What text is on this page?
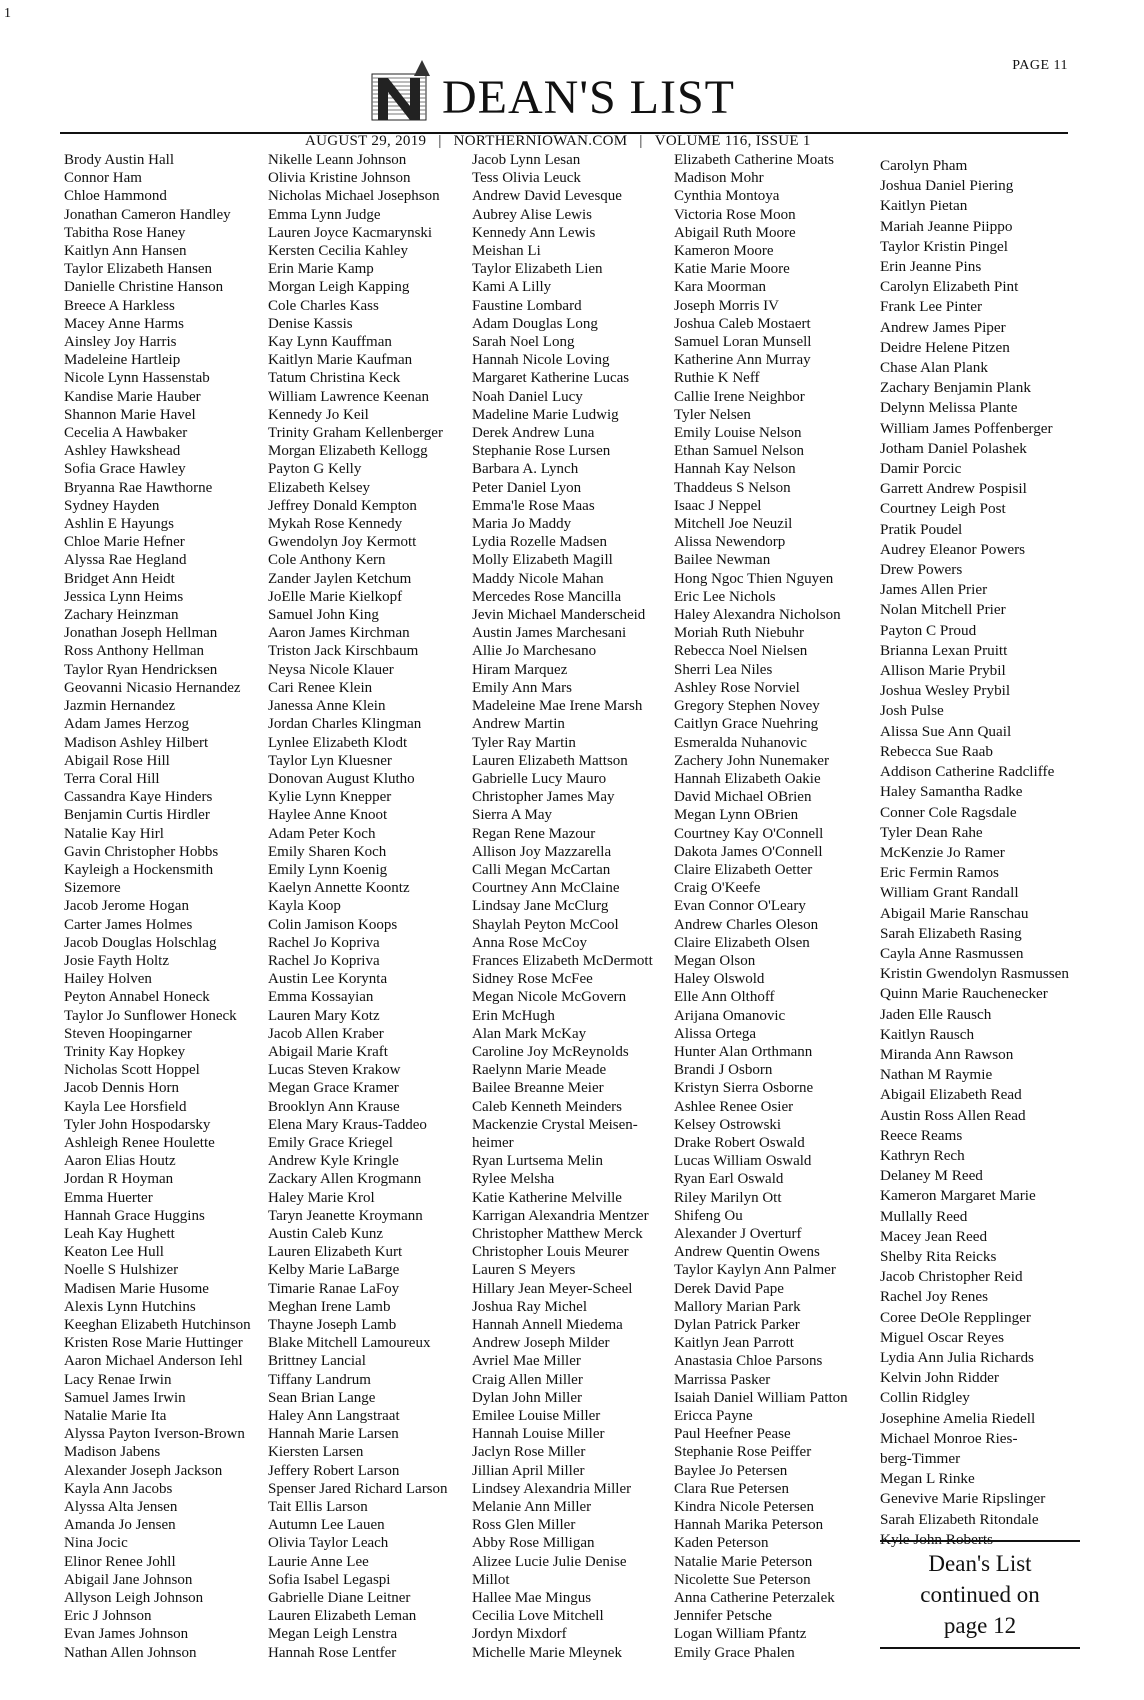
1
PAGE 11
DEAN'S LIST
AUGUST 29, 2019 | NORTHERNIOWAN.COM | VOLUME 116, ISSUE 1
Brody Austin Hall
Connor Ham
Chloe Hammond
Jonathan Cameron Handley
Tabitha Rose Haney
Kaitlyn Ann Hansen
Taylor Elizabeth Hansen
Danielle Christine Hanson
Breece A Harkless
Macey Anne Harms
Ainsley Joy Harris
Madeleine Hartleip
Nicole Lynn Hassenstab
Kandise Marie Hauber
Shannon Marie Havel
Cecelia A Hawbaker
Ashley Hawkshead
Sofia Grace Hawley
Bryanna Rae Hawthorne
Sydney Hayden
Ashlin E Hayungs
Chloe Marie Hefner
Alyssa Rae Hegland
Bridget Ann Heidt
Jessica Lynn Heims
Zachary Heinzman
Jonathan Joseph Hellman
Ross Anthony Hellman
Taylor Ryan Hendricksen
Geovanni Nicasio Hernandez
Jazmin Hernandez
Adam James Herzog
Madison Ashley Hilbert
Abigail Rose Hill
Terra Coral Hill
Cassandra Kaye Hinders
Benjamin Curtis Hirdler
Natalie Kay Hirl
Gavin Christopher Hobbs
Kayleigh a Hockensmith
Sizemore
Jacob Jerome Hogan
Carter James Holmes
Jacob Douglas Holschlag
Josie Fayth Holtz
Hailey Holven
Peyton Annabel Honeck
Taylor Jo Sunflower Honeck
Steven Hoopingarner
Trinity Kay Hopkey
Nicholas Scott Hoppel
Jacob Dennis Horn
Kayla Lee Horsfield
Tyler John Hospodarsky
Ashleigh Renee Houlette
Aaron Elias Houtz
Jordan R Hoyman
Emma Huerter
Hannah Grace Huggins
Leah Kay Hughett
Keaton Lee Hull
Noelle S Hulshizer
Madisen Marie Husome
Alexis Lynn Hutchins
Keeghan Elizabeth Hutchinson
Kristen Rose Marie Huttinger
Aaron Michael Anderson Iehl
Lacy Renae Irwin
Samuel James Irwin
Natalie Marie Ita
Alyssa Payton Iverson-Brown
Madison Jabens
Alexander Joseph Jackson
Kayla Ann Jacobs
Alyssa Alta Jensen
Amanda Jo Jensen
Nina Jocic
Elinor Renee Johll
Abigail Jane Johnson
Allyson Leigh Johnson
Eric J Johnson
Evan James Johnson
Nathan Allen Johnson
Nikelle Leann Johnson
Olivia Kristine Johnson
Nicholas Michael Josephson
Emma Lynn Judge
Lauren Joyce Kacmarynski
Kersten Cecilia Kahley
Erin Marie Kamp
Morgan Leigh Kapping
Cole Charles Kass
Denise Kassis
Kay Lynn Kauffman
Kaitlyn Marie Kaufman
Tatum Christina Keck
William Lawrence Keenan
Kennedy Jo Keil
Trinity Graham Kellenberger
Morgan Elizabeth Kellogg
Payton G Kelly
Elizabeth Kelsey
Jeffrey Donald Kempton
Mykah Rose Kennedy
Gwendolyn Joy Kermott
Cole Anthony Kern
Zander Jaylen Ketchum
JoElle Marie Kielkopf
Samuel John King
Aaron James Kirchman
Triston Jack Kirschbaum
Neysa Nicole Klauer
Cari Renee Klein
Janessa Anne Klein
Jordan Charles Klingman
Lynlee Elizabeth Klodt
Taylor Lyn Kluesner
Donovan August Klutho
Kylie Lynn Knepper
Haylee Anne Knoot
Adam Peter Koch
Emily Sharen Koch
Emily Lynn Koenig
Kaelyn Annette Koontz
Kayla Koop
Colin Jamison Koops
Rachel Jo Kopriva
Rachel Jo Kopriva
Austin Lee Korynta
Emma Kossayian
Lauren Mary Kotz
Jacob Allen Kraber
Abigail Marie Kraft
Lucas Steven Krakow
Megan Grace Kramer
Brooklyn Ann Krause
Elena Mary Kraus-Taddeo
Emily Grace Kriegel
Andrew Kyle Kringle
Zackary Allen Krogmann
Haley Marie Krol
Taryn Jeanette Kroymann
Austin Caleb Kunz
Lauren Elizabeth Kurt
Kelby Marie LaBarge
Timarie Ranae LaFoy
Meghan Irene Lamb
Thayne Joseph Lamb
Blake Mitchell Lamoureux
Brittney Lancial
Tiffany Landrum
Sean Brian Lange
Haley Ann Langstraat
Hannah Marie Larsen
Kiersten Larsen
Jeffery Robert Larson
Spenser Jared Richard Larson
Tait Ellis Larson
Autumn Lee Lauen
Olivia Taylor Leach
Laurie Anne Lee
Sofia Isabel Legaspi
Gabrielle Diane Leitner
Lauren Elizabeth Leman
Megan Leigh Lenstra
Hannah Rose Lentfer
Jacob Lynn Lesan
Tess Olivia Leuck
Andrew David Levesque
Aubrey Alise Lewis
Kennedy Ann Lewis
Meishan Li
Taylor Elizabeth Lien
Kami A Lilly
Faustine Lombard
Adam Douglas Long
Sarah Noel Long
Hannah Nicole Loving
Margaret Katherine Lucas
Noah Daniel Lucy
Madeline Marie Ludwig
Derek Andrew Luna
Stephanie Rose Lursen
Barbara A. Lynch
Peter Daniel Lyon
Emma'le Rose Maas
Maria Jo Maddy
Lydia Rozelle Madsen
Molly Elizabeth Magill
Maddy Nicole Mahan
Mercedes Rose Mancilla
Jevin Michael Manderscheid
Austin James Marchesani
Allie Jo Marchesano
Hiram Marquez
Emily Ann Mars
Madeleine Mae Irene Marsh
Andrew Martin
Tyler Ray Martin
Lauren Elizabeth Mattson
Gabrielle Lucy Mauro
Christopher James May
Sierra A May
Regan Rene Mazour
Allison Joy Mazzarella
Calli Megan McCartan
Courtney Ann McClaine
Lindsay Jane McClurg
Shaylah Peyton McCool
Anna Rose McCoy
Frances Elizabeth McDermott
Sidney Rose McFee
Megan Nicole McGovern
Erin McHugh
Alan Mark McKay
Caroline Joy McReynolds
Raelynn Marie Meade
Bailee Breanne Meier
Caleb Kenneth Meinders
Mackenzie Crystal Meisen-
heimer
Ryan Lurtsema Melin
Rylee Melsha
Katie Katherine Melville
Karrigan Alexandria Mentzer
Christopher Matthew Merck
Christopher Louis Meurer
Lauren S Meyers
Hillary Jean Meyer-Scheel
Joshua Ray Michel
Hannah Annell Miedema
Andrew Joseph Milder
Avriel Mae Miller
Craig Allen Miller
Dylan John Miller
Emilee Louise Miller
Hannah Louise Miller
Jaclyn Rose Miller
Jillian April Miller
Lindsey Alexandria Miller
Melanie Ann Miller
Ross Glen Miller
Abby Rose Milligan
Alizee Lucie Julie Denise
Millot
Hallee Mae Mingus
Cecilia Love Mitchell
Jordyn Mixdorf
Michelle Marie Mleynek
Elizabeth Catherine Moats
Madison Mohr
Cynthia Montoya
Victoria Rose Moon
Abigail Ruth Moore
Kameron Moore
Katie Marie Moore
Kara Moorman
Joseph Morris IV
Joshua Caleb Mostaert
Samuel Loran Munsell
Katherine Ann Murray
Ruthie K Neff
Callie Irene Neighbor
Tyler Nelsen
Emily Louise Nelson
Ethan Samuel Nelson
Hannah Kay Nelson
Thaddeus S Nelson
Isaac J Neppel
Mitchell Joe Neuzil
Alissa Newendorp
Bailee Newman
Hong Ngoc Thien Nguyen
Eric Lee Nichols
Haley Alexandra Nicholson
Moriah Ruth Niebuhr
Rebecca Noel Nielsen
Sherri Lea Niles
Ashley Rose Norviel
Gregory Stephen Novey
Caitlyn Grace Nuehring
Esmeralda Nuhanovic
Zachery John Nunemaker
Hannah Elizabeth Oakie
David Michael OBrien
Megan Lynn OBrien
Courtney Kay O'Connell
Dakota James O'Connell
Claire Elizabeth Oetter
Craig O'Keefe
Evan Connor O'Leary
Andrew Charles Oleson
Claire Elizabeth Olsen
Megan Olson
Haley Olswold
Elle Ann Olthoff
Arijana Omanovic
Alissa Ortega
Hunter Alan Orthmann
Brandi J Osborn
Kristyn Sierra Osborne
Ashlee Renee Osier
Kelsey Ostrowski
Drake Robert Oswald
Lucas William Oswald
Ryan Earl Oswald
Riley Marilyn Ott
Shifeng Ou
Alexander J Overturf
Andrew Quentin Owens
Taylor Kaylyn Ann Palmer
Derek David Pape
Mallory Marian Park
Dylan Patrick Parker
Kaitlyn Jean Parrott
Anastasia Chloe Parsons
Marrissa Pasker
Isaiah Daniel William Patton
Ericca Payne
Paul Heefner Pease
Stephanie Rose Peiffer
Baylee Jo Petersen
Clara Rue Petersen
Kindra Nicole Petersen
Hannah Marika Peterson
Kaden Peterson
Natalie Marie Peterson
Nicolette Sue Peterson
Anna Catherine Peterzalek
Jennifer Petsche
Logan William Pfantz
Emily Grace Phalen
Carolyn Pham
Joshua Daniel Piering
Kaitlyn Pietan
Mariah Jeanne Piippo
Taylor Kristin Pingel
Erin Jeanne Pins
Carolyn Elizabeth Pint
Frank Lee Pinter
Andrew James Piper
Deidre Helene Pitzen
Chase Alan Plank
Zachary Benjamin Plank
Delynn Melissa Plante
William James Poffenberger
Jotham Daniel Polashek
Damir Porcic
Garrett Andrew Pospisil
Courtney Leigh Post
Pratik Poudel
Audrey Eleanor Powers
Drew Powers
James Allen Prier
Nolan Mitchell Prier
Payton C Proud
Brianna Lexan Pruitt
Allison Marie Prybil
Joshua Wesley Prybil
Josh Pulse
Alissa Sue Ann Quail
Rebecca Sue Raab
Addison Catherine Radcliffe
Haley Samantha Radke
Conner Cole Ragsdale
Tyler Dean Rahe
McKenzie Jo Ramer
Eric Fermin Ramos
William Grant Randall
Abigail Marie Ranschau
Sarah Elizabeth Rasing
Cayla Anne Rasmussen
Kristin Gwendolyn Rasmussen
Quinn Marie Rauchenecker
Jaden Elle Rausch
Kaitlyn Rausch
Miranda Ann Rawson
Nathan M Raymie
Abigail Elizabeth Read
Austin Ross Allen Read
Reece Reams
Kathryn Rech
Delaney M Reed
Kameron Margaret Marie
Mullally Reed
Macey Jean Reed
Shelby Rita Reicks
Jacob Christopher Reid
Rachel Joy Renes
Coree DeOle Repplinger
Miguel Oscar Reyes
Lydia Ann Julia Richards
Kelvin John Ridder
Collin Ridgley
Josephine Amelia Riedell
Michael Monroe Ries-
berg-Timmer
Megan L Rinke
Genevive Marie Ripslinger
Sarah Elizabeth Ritondale
Kyle John Roberts
Dean's List
continued on
page 12
